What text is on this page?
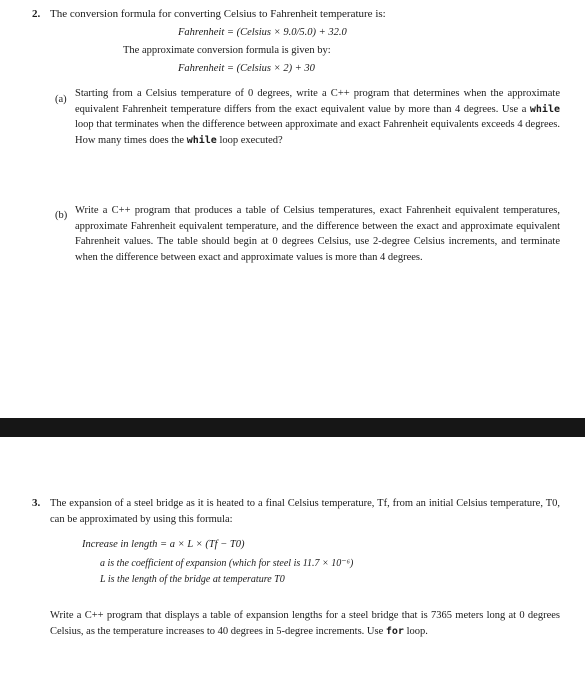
2. The conversion formula for converting Celsius to Fahrenheit temperature is:
Fahrenheit = (Celsius × 9.0/5.0) + 32.0
The approximate conversion formula is given by:
Fahrenheit = (Celsius × 2) + 30
(a)

Starting from a Celsius temperature of 0 degrees, write a C++ program that determines when the approximate equivalent Fahrenheit temperature differs from the exact equivalent value by more than 4 degrees. Use a while loop that terminates when the difference between approximate and exact Fahrenheit equivalents exceeds 4 degrees. How many times does the while loop executed?

(b) Write a C++ program that produces a table of Celsius temperatures, exact Fahrenheit equivalent temperatures, approximate Fahrenheit equivalent temperature, and the difference between the exact and approximate equivalent Fahrenheit values. The table should begin at 0 degrees Celsius, use 2-degree Celsius increments, and terminate when the difference between exact and approximate values is more than 4 degrees.

3. The expansion of a steel bridge as it is heated to a final Celsius temperature, Tf, from an initial Celsius temperature, T0, can be approximated by using this formula:

Increase in length = a × L × (Tf − T0)
a is the coefficient of expansion (which for steel is 11.7 × 10⁻⁶)
L is the length of the bridge at temperature T0

Write a C++ program that displays a table of expansion lengths for a steel bridge that is 7365 meters long at 0 degrees Celsius, as the temperature increases to 40 degrees in 5-degree increments. Use for loop.
